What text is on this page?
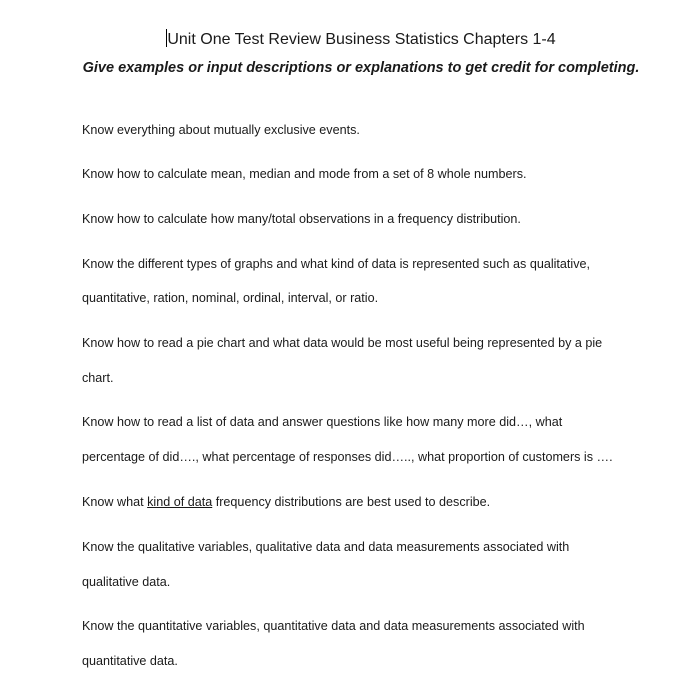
Unit One Test Review Business Statistics Chapters 1-4
Give examples or input descriptions or explanations to get credit for completing.
Know everything about mutually exclusive events.
Know how to calculate mean, median and mode from a set of 8 whole numbers.
Know how to calculate how many/total observations in a frequency distribution.
Know the different types of graphs and what kind of data is represented such as qualitative,
quantitative, ration, nominal, ordinal, interval, or ratio.
Know how to read a pie chart and what data would be most useful being represented by a pie
chart.
Know how to read a list of data and answer questions like how many more did…, what
percentage of did…., what percentage of responses did….., what proportion of customers is ….
Know what kind of data frequency distributions are best used to describe.
Know the qualitative variables, qualitative data and data measurements associated with
qualitative data.
Know the quantitative variables, quantitative data and data measurements associated with
quantitative data.
